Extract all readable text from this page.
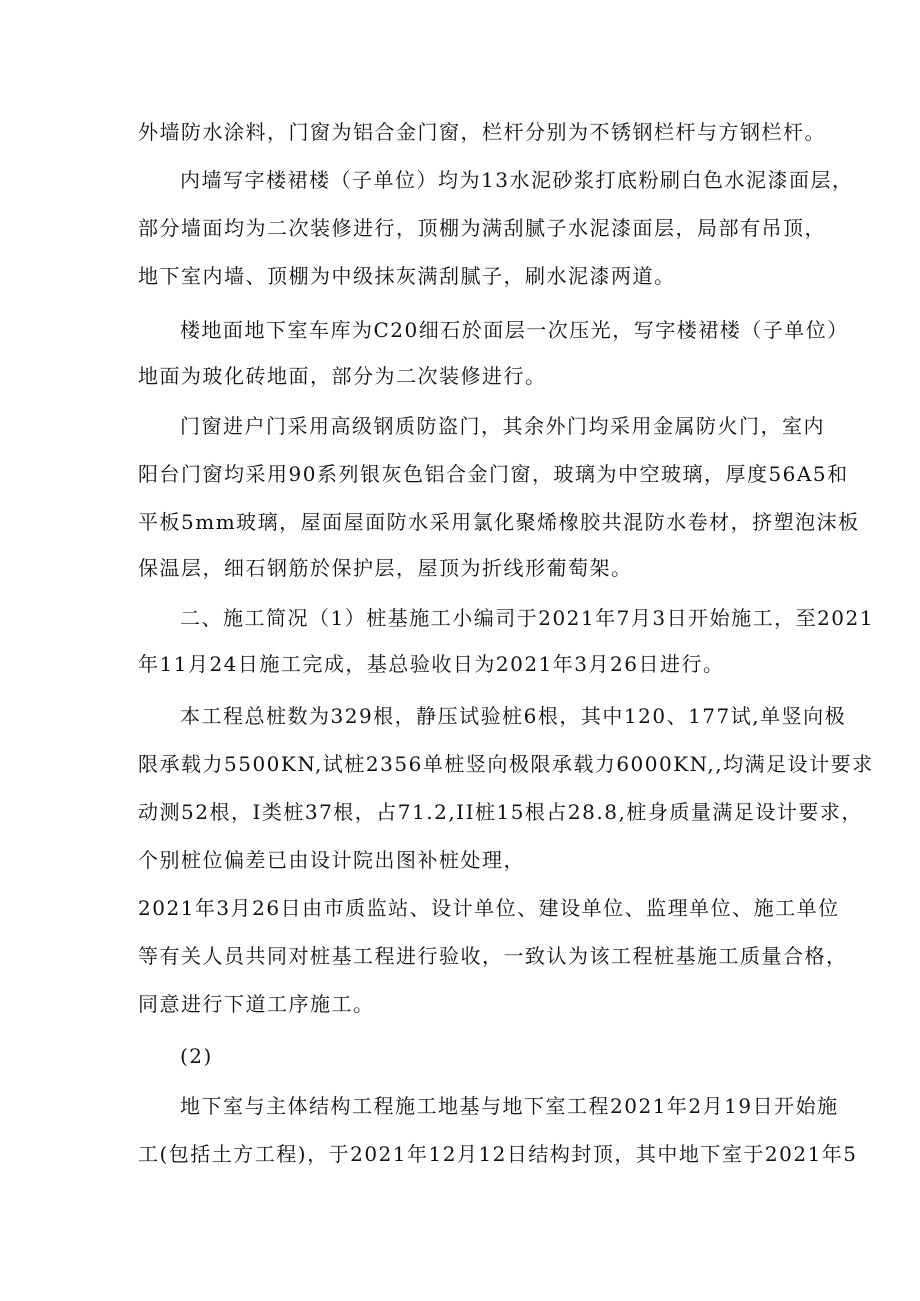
外墙防水涂料，门窗为铝合金门窗，栏杆分别为不锈钢栏杆与方钢栏杆。
内墙写字楼裙楼（子单位）均为13水泥砂浆打底粉刷白色水泥漆面层，
部分墙面均为二次装修进行，顶棚为满刮腻子水泥漆面层，局部有吊顶，
地下室内墙、顶棚为中级抹灰满刮腻子，刷水泥漆两道。
楼地面地下室车库为C20细石於面层一次压光，写字楼裙楼（子单位）
地面为玻化砖地面，部分为二次装修进行。
门窗进户门采用高级钢质防盗门，其余外门均采用金属防火门，室内
阳台门窗均采用90系列银灰色铝合金门窗，玻璃为中空玻璃，厚度56A5和
平板5mm玻璃，屋面屋面防水采用氯化聚烯橡胶共混防水卷材，挤塑泡沫板
保温层，细石钢筋於保护层，屋顶为折线形葡萄架。
二、施工简况（1）桩基施工小编司于2021年7月3日开始施工，至2021
年11月24日施工完成，基总验收日为2021年3月26日进行。
本工程总桩数为329根，静压试验桩6根，其中120、177试,单竖向极
限承载力5500KN,试桩2356单桩竖向极限承载力6000KN,,均满足设计要求
动测52根，I类桩37根，占71.2,II桩15根占28.8,桩身质量满足设计要求，
个别桩位偏差已由设计院出图补桩处理，
2021年3月26日由市质监站、设计单位、建设单位、监理单位、施工单位
等有关人员共同对桩基工程进行验收，一致认为该工程桩基施工质量合格，
同意进行下道工序施工。
(2)
地下室与主体结构工程施工地基与地下室工程2021年2月19日开始施
工(包括土方工程)，于2021年12月12日结构封顶，其中地下室于2021年5
